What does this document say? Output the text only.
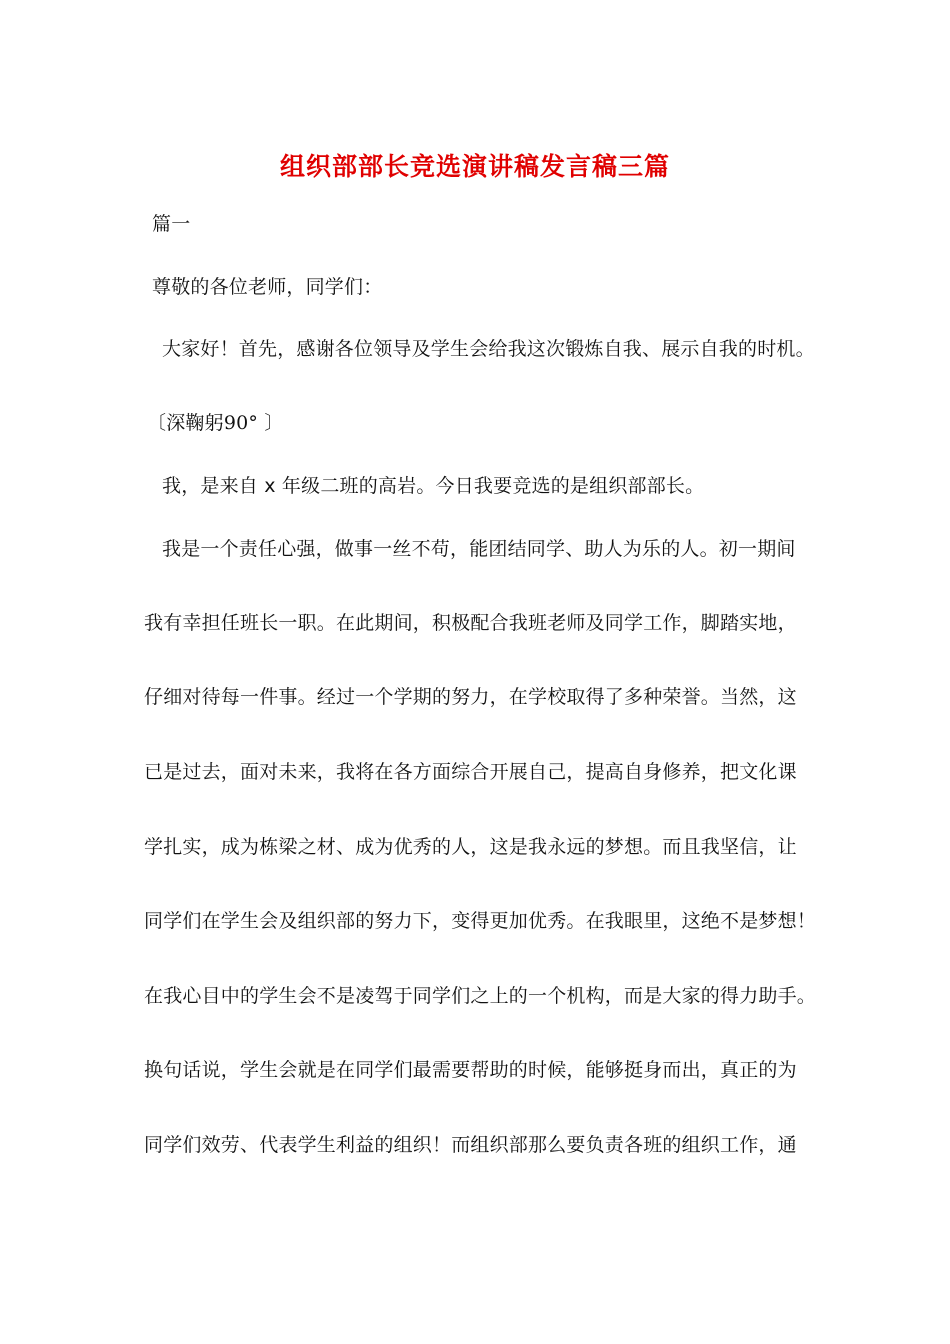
组织部部长竞选演讲稿发言稿三篇
篇一
尊敬的各位老师，同学们：
大家好！首先，感谢各位领导及学生会给我这次锻炼自我、展示自我的时机。
〔深鞠躬90° 〕
我，是来自 x 年级二班的高岩。今日我要竞选的是组织部部长。
我是一个责任心强，做事一丝不苟，能团结同学、助人为乐的人。初一期间
我有幸担任班长一职。在此期间，积极配合我班老师及同学工作，脚踏实地，
仔细对待每一件事。经过一个学期的努力，在学校取得了多种荣誉。当然，这
已是过去，面对未来，我将在各方面综合开展自己，提高自身修养，把文化课
学扎实，成为栋梁之材、成为优秀的人，这是我永远的梦想。而且我坚信，让
同学们在学生会及组织部的努力下，变得更加优秀。在我眼里，这绝不是梦想！
在我心目中的学生会不是凌驾于同学们之上的一个机构，而是大家的得力助手。
换句话说，学生会就是在同学们最需要帮助的时候，能够挺身而出，真正的为
同学们效劳、代表学生利益的组织！而组织部那么要负责各班的组织工作，通
